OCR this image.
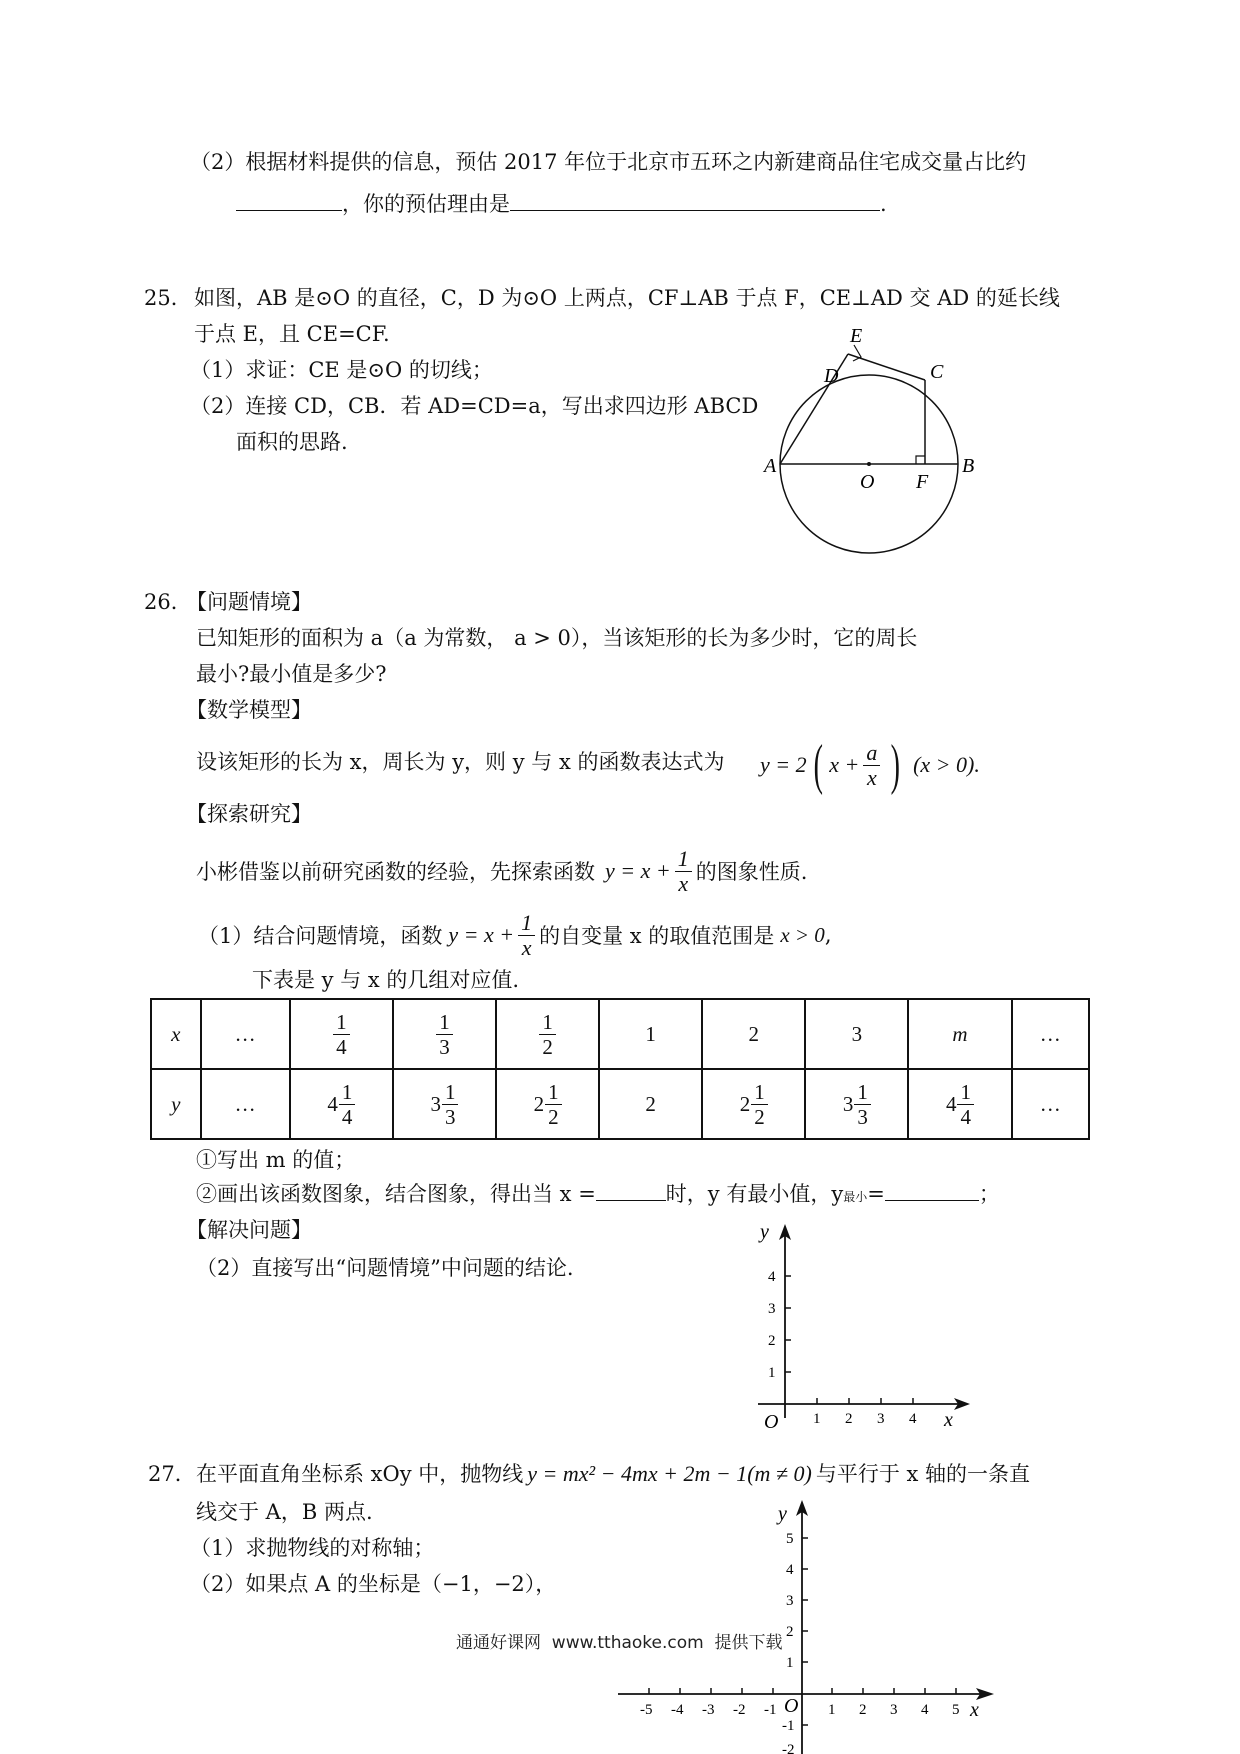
（2）根据材料提供的信息，预估 2017 年位于北京市五环之内新建商品住宅成交量占比约
，你的预估理由是	.
25． 如图，AB 是⊙O 的直径，C，D 为⊙O 上两点，CF⊥AB 于点 F，CE⊥AD 交 AD 的延长线
于点 E，且 CE=CF.
（1）求证：CE 是⊙O 的切线；
（2）连接 CD，CB．若 AD=CD=a，写出求四边形 ABCD
面积的思路.
E
D	C
A
O F
B
26．
【问题情境】
已知矩形的面积为 a（a 为常数， a > 0），当该矩形的长为多少时，它的周长
最小?最小值是多少?
【数学模型】
设该矩形的长为 x，周长为 y，则 y 与 x 的函数表达式为 y = 2 ( $x + \frac{a}{x}$ ) (x > 0).
【探索研究】
小彬借鉴以前研究函数的经验，先探索函数 $y = x + \frac{1}{x}$ 的图象性质.
（1）结合问题情境，函数 $y = x + \frac{1}{x}$ 的自变量 x 的取值范围是 x > 0 ,
下表是 y 与 x 的几组对应值.
x	…	$\frac{1}{4}$	$\frac{1}{3}$	$\frac{1}{2}$	1	2	3	m	…
y	…	$4 \frac{1}{4}$	$3 \frac{1}{3}$	$2 \frac{1}{2}$	2	$2 \frac{1}{2}$	$3 \frac{1}{3}$	$4 \frac{1}{4}$	…
①写出 m 的值；
②画出该函数图象，结合图象，得出当 x =	时，y 有最小值，y最小=	；
【解决问题】
（2）直接写出“问题情境”中问题的结论.
y
x
O
1
2
3
4
1 2 3 4
27． 在平面直角坐标系 xOy 中，抛物线 y = mx² − 4mx + 2m − 1(m ≠ 0) 与平行于 x 轴的一条直
线交于 A，B 两点.
（1）求抛物线的对称轴；
（2）如果点 A 的坐标是（−1，−2），
y
x
O
5
4
3
2
1
-1
-2
-5 -4 -3 -2 -1	1 2 3 4 5
通通好课网  www.tthaoke.com  提供下载
